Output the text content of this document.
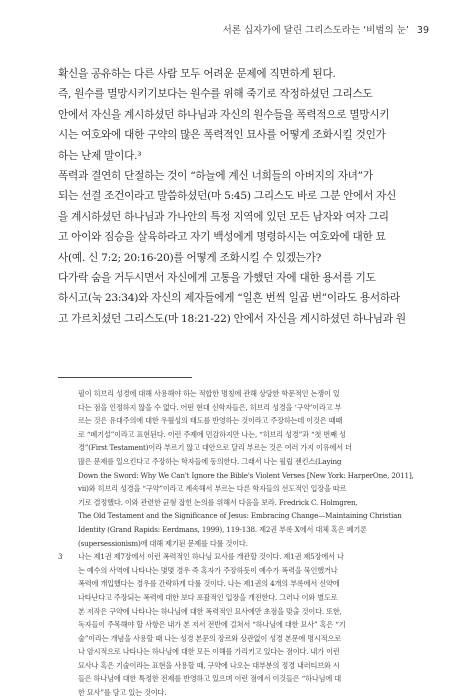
서론 십자가에 달린 그리스도라는 ‘비범의 눈’ 39
확신을 공유하는 다른 사람 모두 어려운 문제에 직면하게 된다.
즉, 원수를 멸망시키기보다는 원수를 위해 죽기로 작정하셨던 그리스도
안에서 자신을 계시하셨던 하나님과 자신의 원수들을 폭력적으로 멸망시키
시는 여호와에 대한 구약의 많은 폭력적인 묘사를 어떻게 조화시킬 것인가
하는 난제 말이다.³
폭력과 결연히 단절하는 것이 “하늘에 계신 너희들의 아버지의 자녀”가
되는 선결 조건이라고 말씀하셨던(마 5:45) 그리스도 바로 그분 안에서 자신
을 계시하셨던 하나님과 가나안의 특정 지역에 있던 모든 남자와 여자 그리
고 아이와 짐승을 살육하라고 자기 백성에게 명령하시는 여호와에 대한 묘
사(예. 신 7:2; 20:16-20)를 어떻게 조화시킬 수 있겠는가?
다가락 숨을 거두시면서 자신에게 고통을 가했던 자에 대한 용서를 기도
하시고(눅 23:34)와 자신의 제자들에게 “일흔 번씩 일곱 번”이라도 용서하라
고 가르치셨던 그리스도(마 18:21-22) 안에서 자신을 계시하셨던 하나님과 원
필이 히브리 성경에 대해 사용해야 하는 적합한 명칭에 관해 상당한 학문적인 논쟁이 있
다는 점을 인정하지 않을 수 없다. 어떤 현대 신학자들은, 히브리 성경을 ‘구약’이라고 부
르는 것은 유대주의에 대한 우월성의 태도를 반영하는 것이라고 주장하는데 이것은 때때
로 “폐기설”이라고 표현된다. 이런 주제에 민감하지만 나는, “히브리 성경”과 “첫 번째 성
경”(First Testament)이라 부르기 않고 대안으로 달리 부르는 것은 여러 가지 이유에서 더
많은 문제를 일으킨다고 주장하는 학자들에 동의한다. 그래서 나는 필립 젠킨스(Laying
Down the Sword: Why We Can't Ignore the Bible's Violent Verses [New York: HarperOne, 2011],
vii)와 히브리 성경을 “구약”이라고 계속해서 부르는 다른 학자들의 선도적인 입장을 따르
기로 결정했다. 이와 관련한 균형 잡힌 논의를 위해서 다음을 보라. Fredrick C. Holmgren,
The Old Testament and the Significance of Jesus: Embracing Change—Maintaining Christian
Identity (Grand Rapids: Eerdmans, 1999), 119-138. 제2권 부록 X에서 대체 혹은 폐기론
(supersessionism)에 대해 제기된 문제를 다룰 것이다.
3 나는 제1권 제7장에서 이런 폭력적인 하나님 묘사를 개관할 것이다. 제1권 제5장에서 나
는 예수의 사역에 나타나는 몇몇 경우 즉 혹자가 주장하듯이 예수가 폭력을 묵인했거나
폭력에 개입했다는 경우를 간략하게 다룰 것이다. 나는 제1권의 4개의 부록에서 신약에
나타난다고 주장되는 폭력에 대한 보다 포괄적인 입장을 개진한다. 그러나 이와 별도로
본 저작은 구약에 나타나는 하나님에 대한 폭력적인 묘사에만 초점을 맞출 것이다. 또한,
독자들이 주목해야 할 사항은 내가 본 저서 전반에 걸쳐서 “하나님에 대한 묘사” 혹은 “기
술”이라는 개념을 사용할 때 나는 성경 본문의 장르와 상관없이 성경 본문에 명시적으로
나 암시적으로 나타나는 하나님에 대한 모든 이해를 가리키고 있다는 점이다. 내가 이런
묘사나 혹은 기술이라는 표현을 사용할 때, 구약에 나오는 대부분의 정경 내러티브와 시
들은 하나님에 대한 특정한 전제를 반영하고 있으며 이런 점에서 이것들은 “하나님에 대
한 묘사”를 담고 있는 것이다.
